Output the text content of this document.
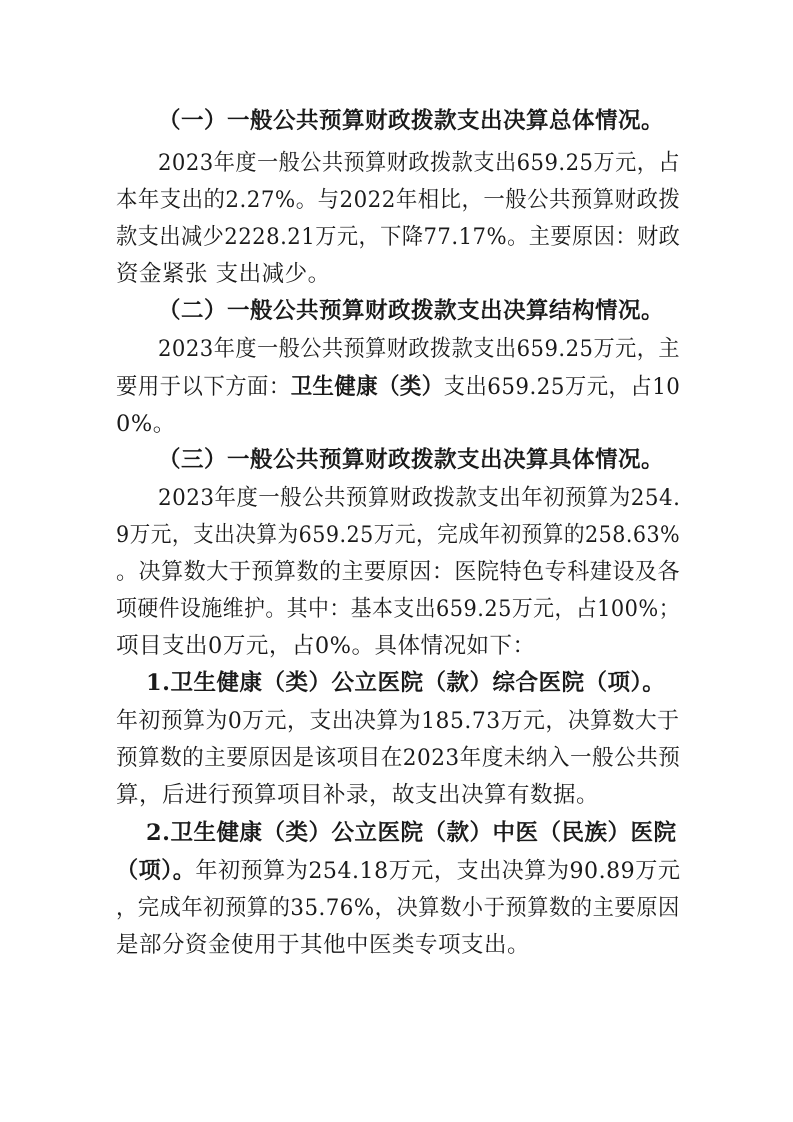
（一）一般公共预算财政拨款支出决算总体情况。
2023年度一般公共预算财政拨款支出659.25万元，占
本年支出的2.27%。与2022年相比，一般公共预算财政拨
款支出减少2228.21万元，下降77.17%。主要原因：财政
资金紧张 支出减少。
（二）一般公共预算财政拨款支出决算结构情况。
2023年度一般公共预算财政拨款支出659.25万元，主
要用于以下方面：卫生健康（类）支出659.25万元，占10
0%。
（三）一般公共预算财政拨款支出决算具体情况。
2023年度一般公共预算财政拨款支出年初预算为254.
9万元，支出决算为659.25万元，完成年初预算的258.63%
。决算数大于预算数的主要原因：医院特色专科建设及各
项硬件设施维护。其中：基本支出659.25万元，占100%；
项目支出0万元，占0%。具体情况如下：
1.卫生健康（类）公立医院（款）综合医院（项）。
年初预算为0万元，支出决算为185.73万元，决算数大于
预算数的主要原因是该项目在2023年度未纳入一般公共预
算，后进行预算项目补录，故支出决算有数据。
2.卫生健康（类）公立医院（款）中医（民族）医院
（项）。年初预算为254.18万元，支出决算为90.89万元
，完成年初预算的35.76%，决算数小于预算数的主要原因
是部分资金使用于其他中医类专项支出。
